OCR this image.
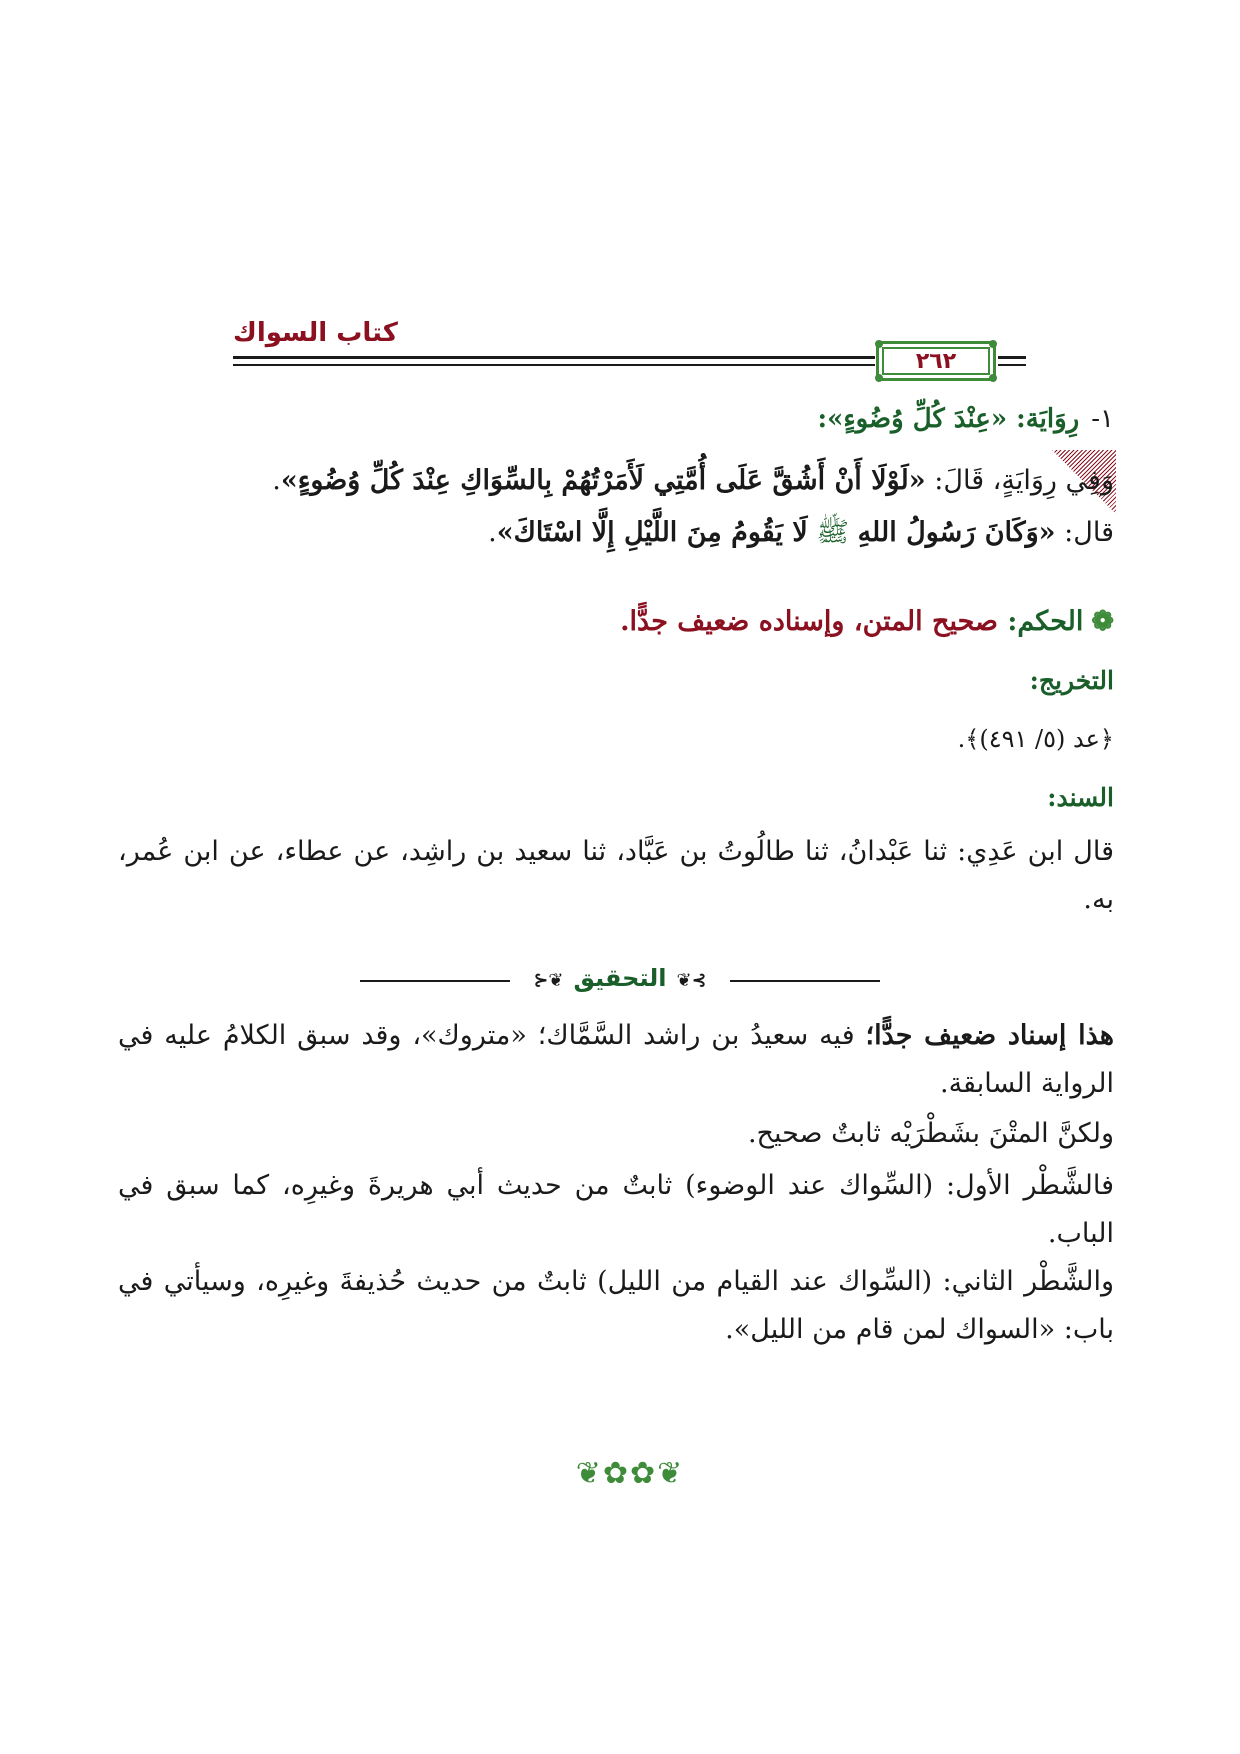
كتاب السواك
٢٦٢
١-رِوَايَة: «عِنْدَ كُلِّ وُضُوءٍ»:
وَفِي رِوَايَةٍ، قَالَ: «لَوْلَا أَنْ أَشُقَّ عَلَى أُمَّتِي لَأَمَرْتُهُمْ بِالسِّوَاكِ عِنْدَ كُلِّ وُضُوءٍ». قال: «وَكَانَ رَسُولُ اللهِ ﷺ لَا يَقُومُ مِنَ اللَّيْلِ إِلَّا اسْتَاكَ».
❁الحكم: صحيح المتن، وإسناده ضعيف جدًّا.
التخريج:
﴿عد (٥/ ٤٩١)﴾.
السند:
قال ابن عَدِي: ثنا عَبْدانُ، ثنا طالُوتُ بن عَبَّاد، ثنا سعيد بن راشِد، عن عطاء، عن ابن عُمر، به.
⊱❦التحقيق❦⊰
هذا إسناد ضعيف جدًّا؛ فيه سعيدُ بن راشد السَّمَّاك؛ «متروك»، وقد سبق الكلامُ عليه في الرواية السابقة.
ولكنَّ المتْنَ بشَطْرَيْه ثابتٌ صحيح.
فالشَّطْر الأول: (السِّواك عند الوضوء) ثابتٌ من حديث أبي هريرةَ وغيرِه، كما سبق في الباب.
والشَّطْر الثاني: (السِّواك عند القيام من الليل) ثابتٌ من حديث حُذيفةَ وغيرِه، وسيأتي في باب: «السواك لمن قام من الليل».
❦✿✿❦
